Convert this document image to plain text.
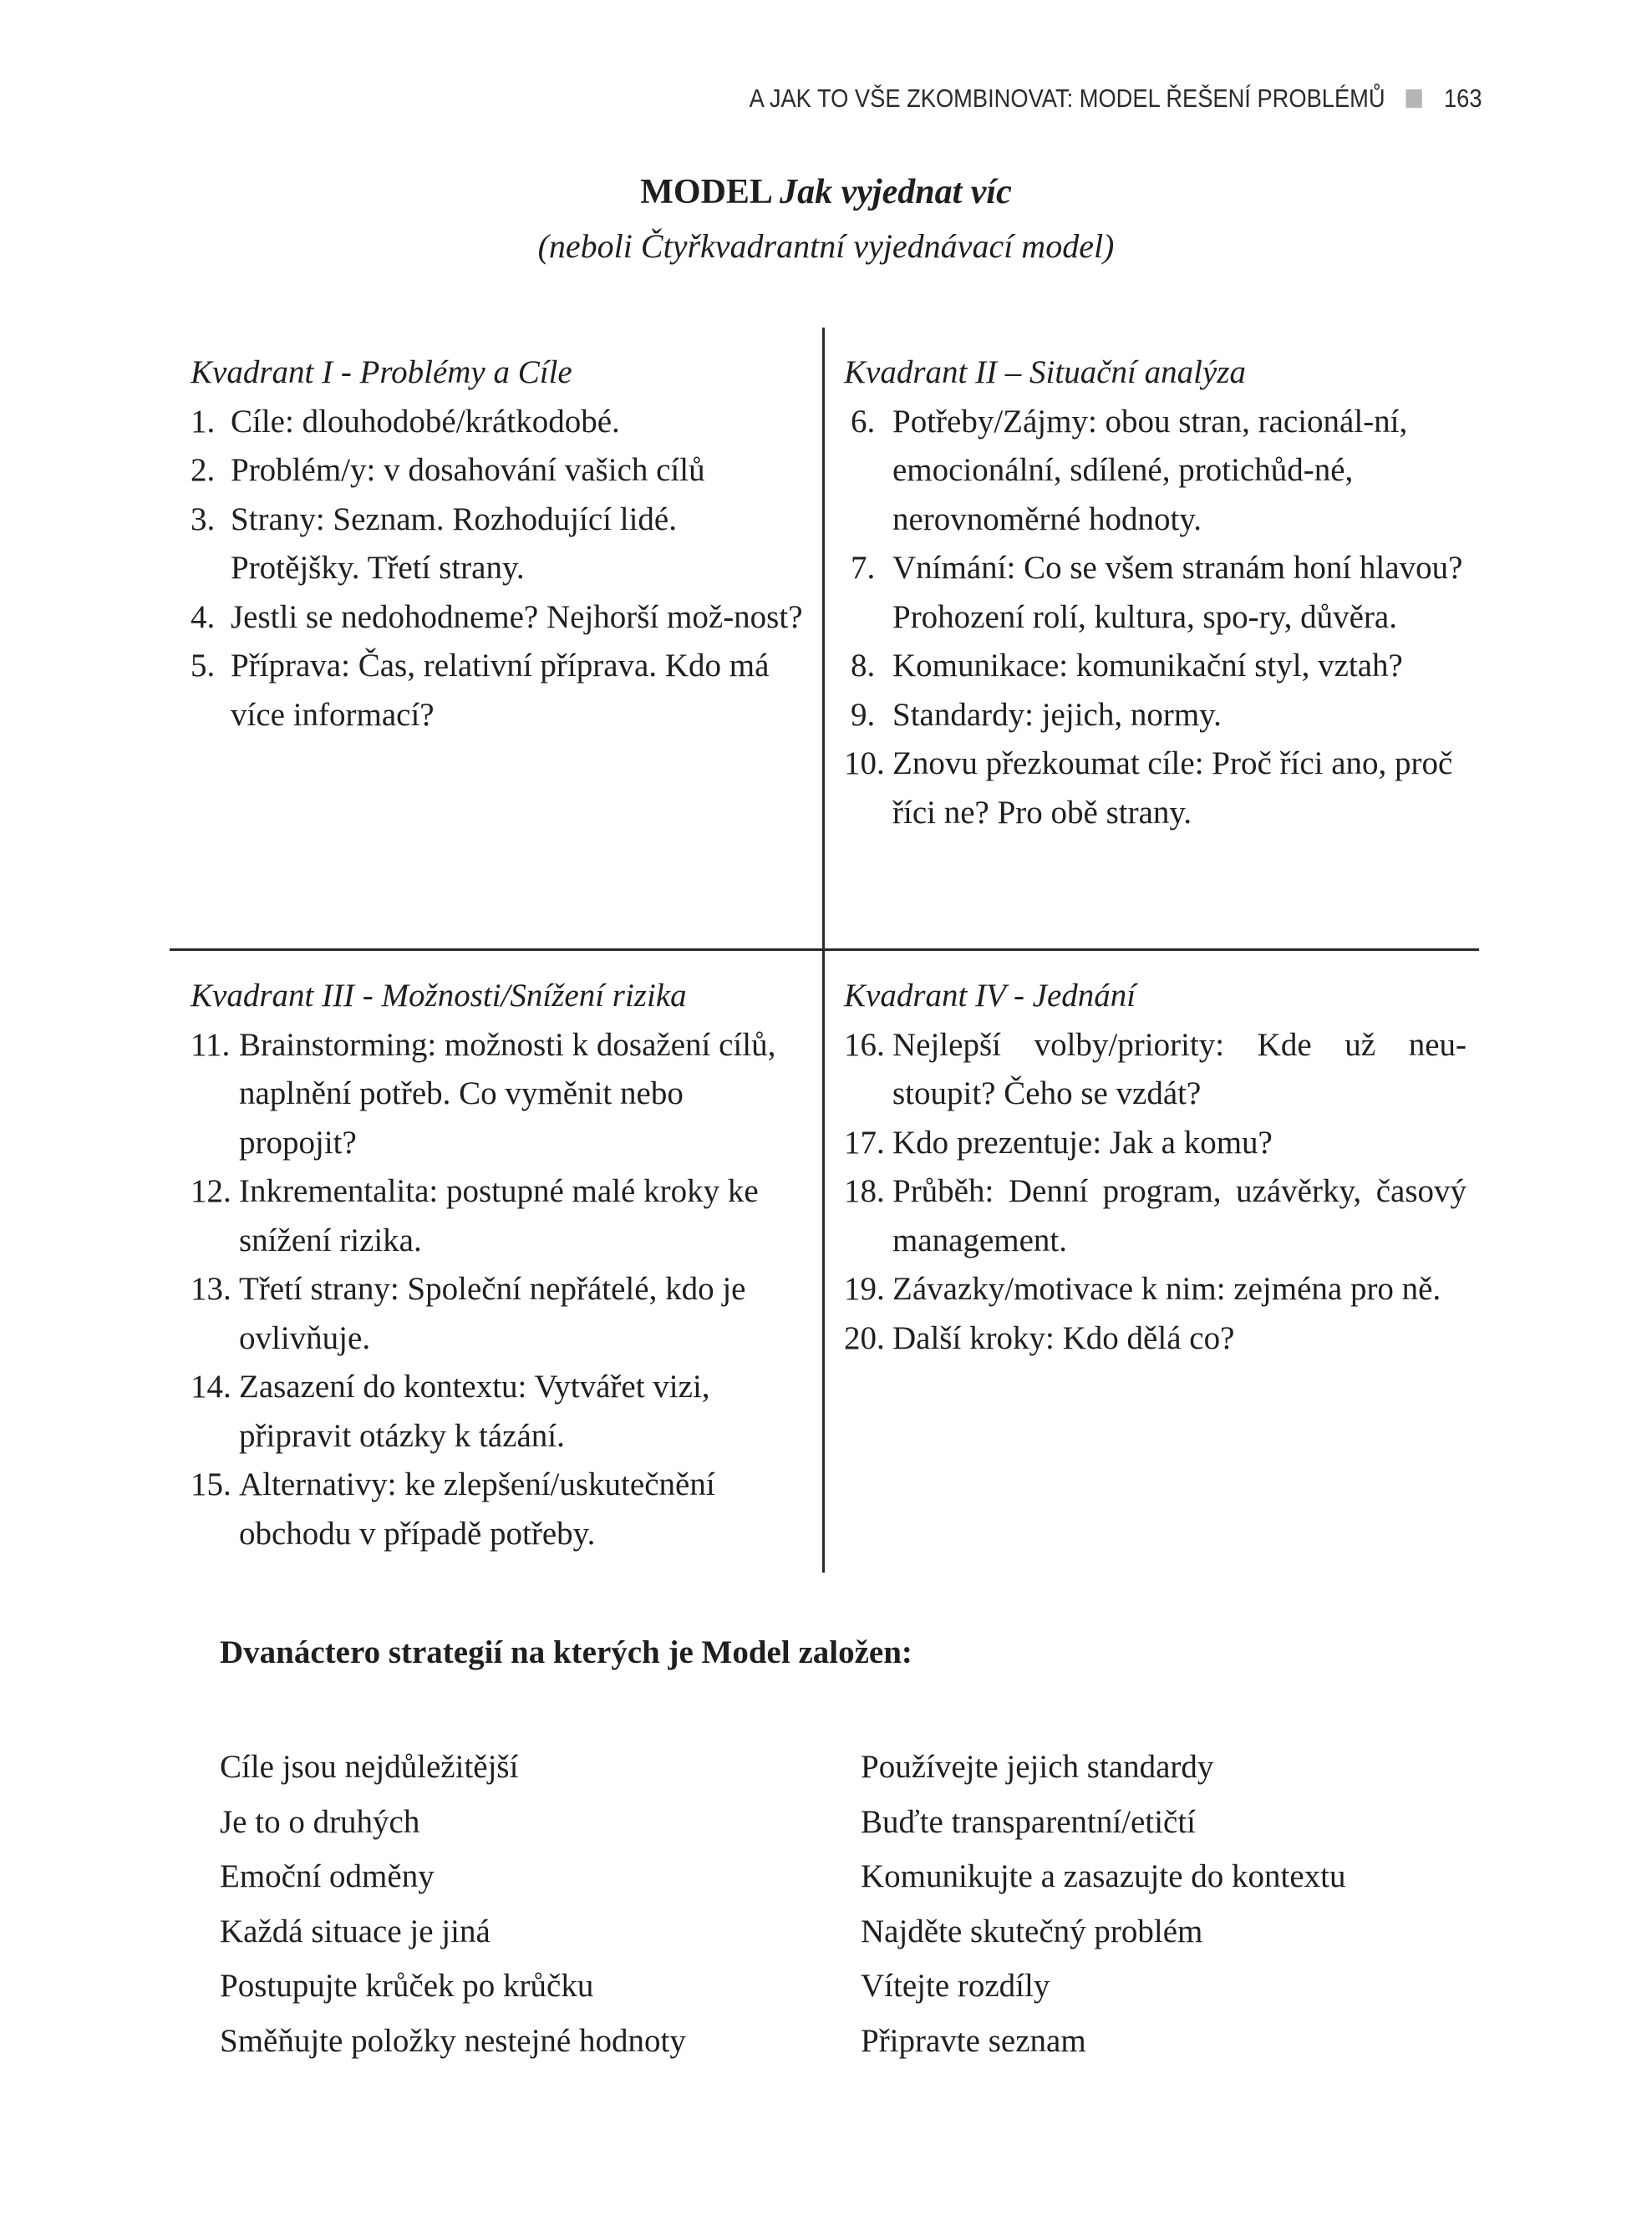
A JAK TO VŠE ZKOMBINOVAT: MODEL ŘEŠENÍ PROBLÉMŮ 163
MODEL Jak vyjednat víc
(neboli Čtyřkvadrantní vyjednávací model)
Kvadrant I - Problémy a Cíle
1. Cíle: dlouhodobé/krátkodobé.
2. Problém/y: v dosahování vašich cílů
3. Strany: Seznam. Rozhodující lidé. Protějšky. Třetí strany.
4. Jestli se nedohodneme? Nejhorší mož-nost?
5. Příprava: Čas, relativní příprava. Kdo má více informací?
Kvadrant II – Situační analýza
6. Potřeby/Zájmy: obou stran, racionál-ní, emocionální, sdílené, protichůd-né, nerovnoměrné hodnoty.
7. Vnímání: Co se všem stranám honí hlavou? Prohození rolí, kultura, spo-ry, důvěra.
8. Komunikace: komunikační styl, vztah?
9. Standardy: jejich, normy.
10. Znovu přezkoumat cíle: Proč říci ano, proč říci ne? Pro obě strany.
Kvadrant III - Možnosti/Snížení rizika
11. Brainstorming: možnosti k dosažení cílů, naplnění potřeb. Co vyměnit nebo propojit?
12. Inkrementalita: postupné malé kroky ke snížení rizika.
13. Třetí strany: Společní nepřátelé, kdo je ovlivňuje.
14. Zasazení do kontextu: Vytvářet vizi, připravit otázky k tázání.
15. Alternativy: ke zlepšení/uskutečnění obchodu v případě potřeby.
Kvadrant IV - Jednání
16. Nejlepší volby/priority: Kde už neu-stoupit? Čeho se vzdát?
17. Kdo prezentuje: Jak a komu?
18. Průběh: Denní program, uzávěrky, časový management.
19. Závazky/motivace k nim: zejména pro ně.
20. Další kroky: Kdo dělá co?
Dvanáctero strategií na kterých je Model založen:
Cíle jsou nejdůležitější
Je to o druhých
Emoční odměny
Každá situace je jiná
Postupujte krůček po krůčku
Směňujte položky nestejné hodnoty
Používejte jejich standardy
Buďte transparentní/etičtí
Komunikujte a zasazujte do kontextu
Najděte skutečný problém
Vítejte rozdíly
Připravte seznam
